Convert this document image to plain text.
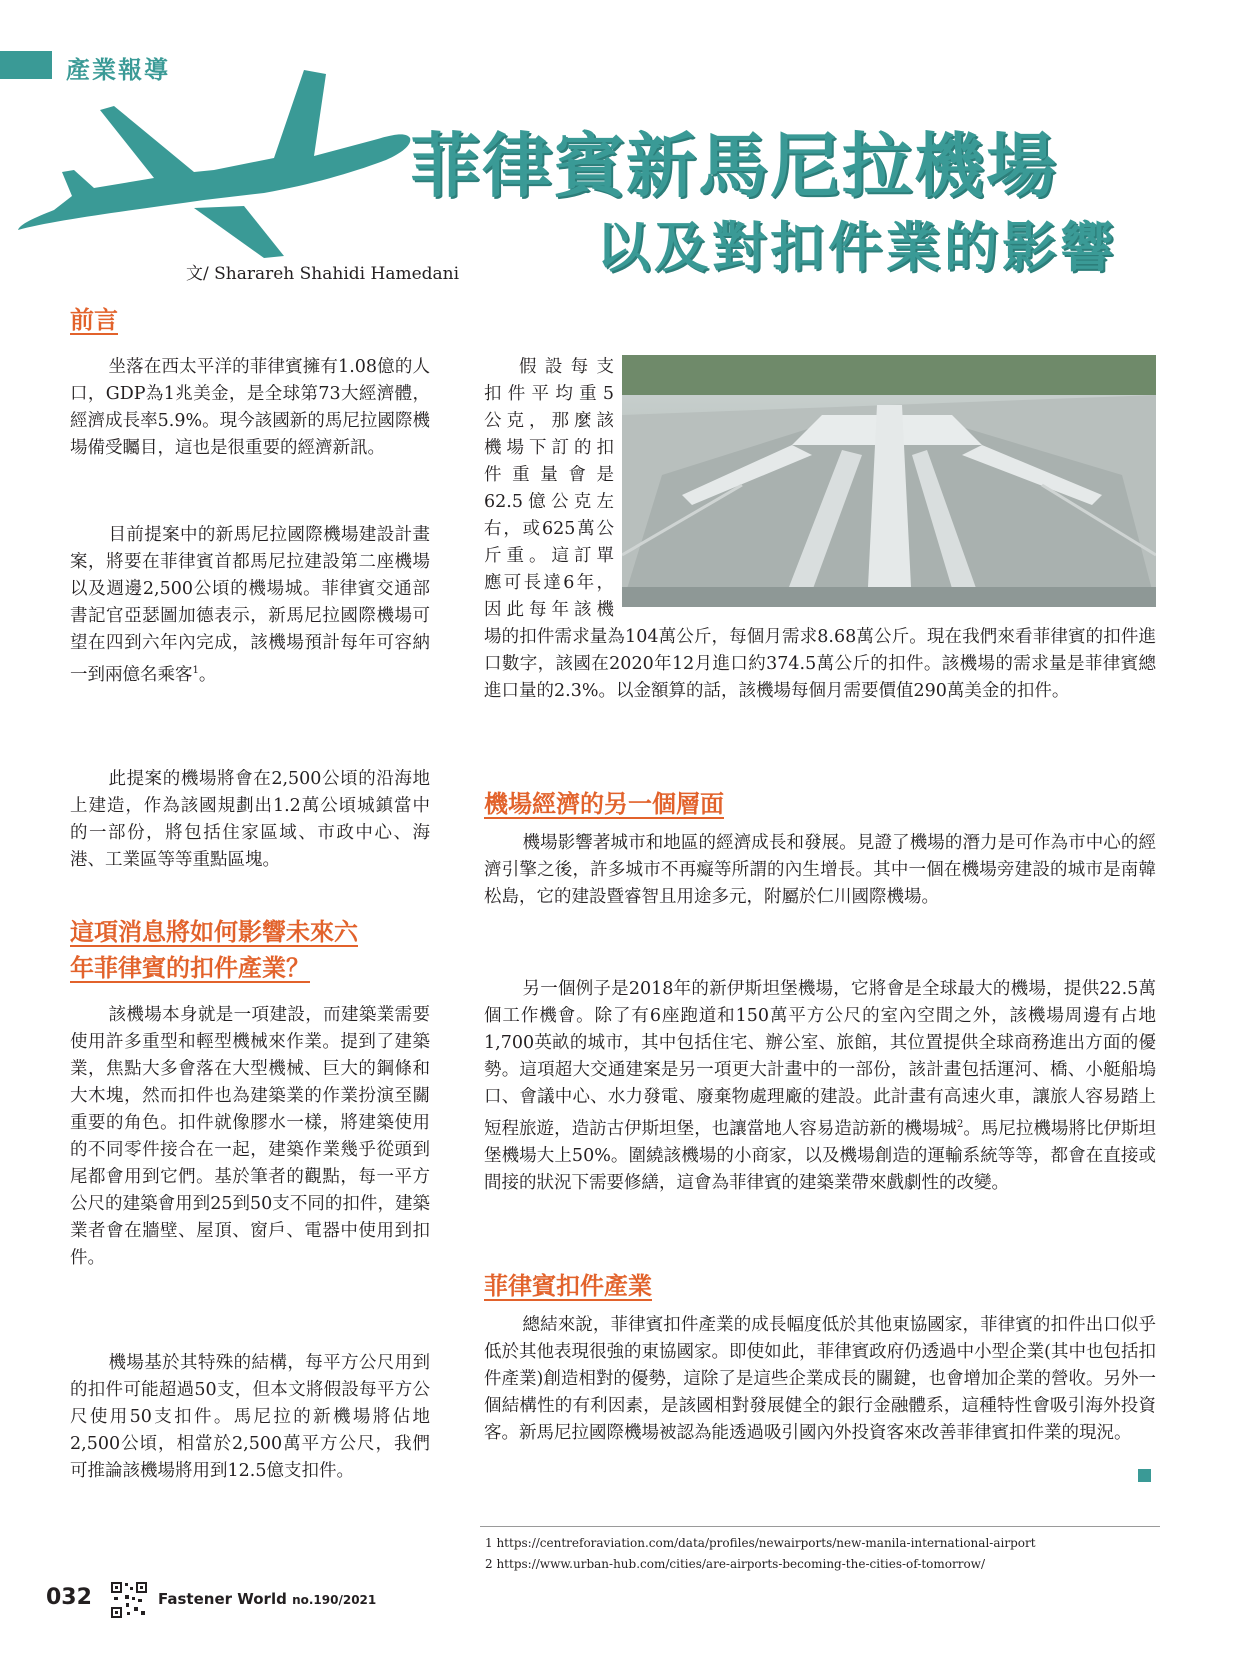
產業報導
菲律賓新馬尼拉機場
以及對扣件業的影響
文/ Sharareh Shahidi Hamedani
前言

坐落在西太平洋的菲律賓擁有1.08億的人口，GDP為1兆美金，是全球第73大經濟體，經濟成長率5.9%。現今該國新的馬尼拉國際機場備受矚目，這也是很重要的經濟新訊。

目前提案中的新馬尼拉國際機場建設計畫案，將要在菲律賓首都馬尼拉建設第二座機場以及週邊2,500公頃的機場城。菲律賓交通部書記官亞瑟圖加德表示，新馬尼拉國際機場可望在四到六年內完成，該機場預計每年可容納一到兩億名乘客$^1$。

此提案的機場將會在2,500公頃的沿海地上建造，作為該國規劃出1.2萬公頃城鎮當中的一部份，將包括住家區域、市政中心、海港、工業區等等重點區塊。

這項消息將如何影響未來六
年菲律賓的扣件產業？

該機場本身就是一項建設，而建築業需要使用許多重型和輕型機械來作業。提到了建築業，焦點大多會落在大型機械、巨大的鋼條和大木塊，然而扣件也為建築業的作業扮演至關重要的角色。扣件就像膠水一樣，將建築使用的不同零件接合在一起，建築作業幾乎從頭到尾都會用到它們。基於筆者的觀點，每一平方公尺的建築會用到25到50支不同的扣件，建築業者會在牆壁、屋頂、窗戶、電器中使用到扣件。

機場基於其特殊的結構，每平方公尺用到的扣件可能超過50支，但本文將假設每平方公尺使用50支扣件。馬尼拉的新機場將佔地2,500公頃，相當於2,500萬平方公尺，我們可推論該機場將用到12.5億支扣件。

假設每支
扣件平均重5
公克，那麼該
機場下訂的扣
件重量會是
62.5億公克左
右，或625萬公
斤重。這訂單
應可長達6年，
因此每年該機

場的扣件需求量為104萬公斤，每個月需求8.68萬公斤。現在我們來看菲律賓的扣件進口數字，該國在2020年12月進口約374.5萬公斤的扣件。該機場的需求量是菲律賓總進口量的2.3%。以金額算的話，該機場每個月需要價值290萬美金的扣件。

機場經濟的另一個層面

機場影響著城市和地區的經濟成長和發展。見證了機場的潛力是可作為市中心的經濟引擎之後，許多城市不再癡等所謂的內生增長。其中一個在機場旁建設的城市是南韓松島，它的建設暨睿智且用途多元，附屬於仁川國際機場。

另一個例子是2018年的新伊斯坦堡機場，它將會是全球最大的機場，提供22.5萬個工作機會。除了有6座跑道和150萬平方公尺的室內空間之外，該機場周邊有占地1,700英畝的城市，其中包括住宅、辦公室、旅館，其位置提供全球商務進出方面的優勢。這項超大交通建案是另一項更大計畫中的一部份，該計畫包括運河、橋、小艇船塢口、會議中心、水力發電、廢棄物處理廠的建設。此計畫有高速火車，讓旅人容易踏上短程旅遊，造訪古伊斯坦堡，也讓當地人容易造訪新的機場城$^2$。馬尼拉機場將比伊斯坦堡機場大上50%。圍繞該機場的小商家，以及機場創造的運輸系統等等，都會在直接或間接的狀況下需要修繕，這會為菲律賓的建築業帶來戲劇性的改變。

菲律賓扣件產業

總結來說，菲律賓扣件產業的成長幅度低於其他東協國家，菲律賓的扣件出口似乎低於其他表現很強的東協國家。即使如此，菲律賓政府仍透過中小型企業(其中也包括扣件產業)創造相對的優勢，這除了是這些企業成長的關鍵，也會增加企業的營收。另外一個結構性的有利因素，是該國相對發展健全的銀行金融體系，這種特性會吸引海外投資客。新馬尼拉國際機場被認為能透過吸引國內外投資客來改善菲律賓扣件業的現況。

1 https://centreforaviation.com/data/profiles/newairports/new-manila-international-airport
2 https://www.urban-hub.com/cities/are-airports-becoming-the-cities-of-tomorrow/
032	Fastener World no.190/2021
